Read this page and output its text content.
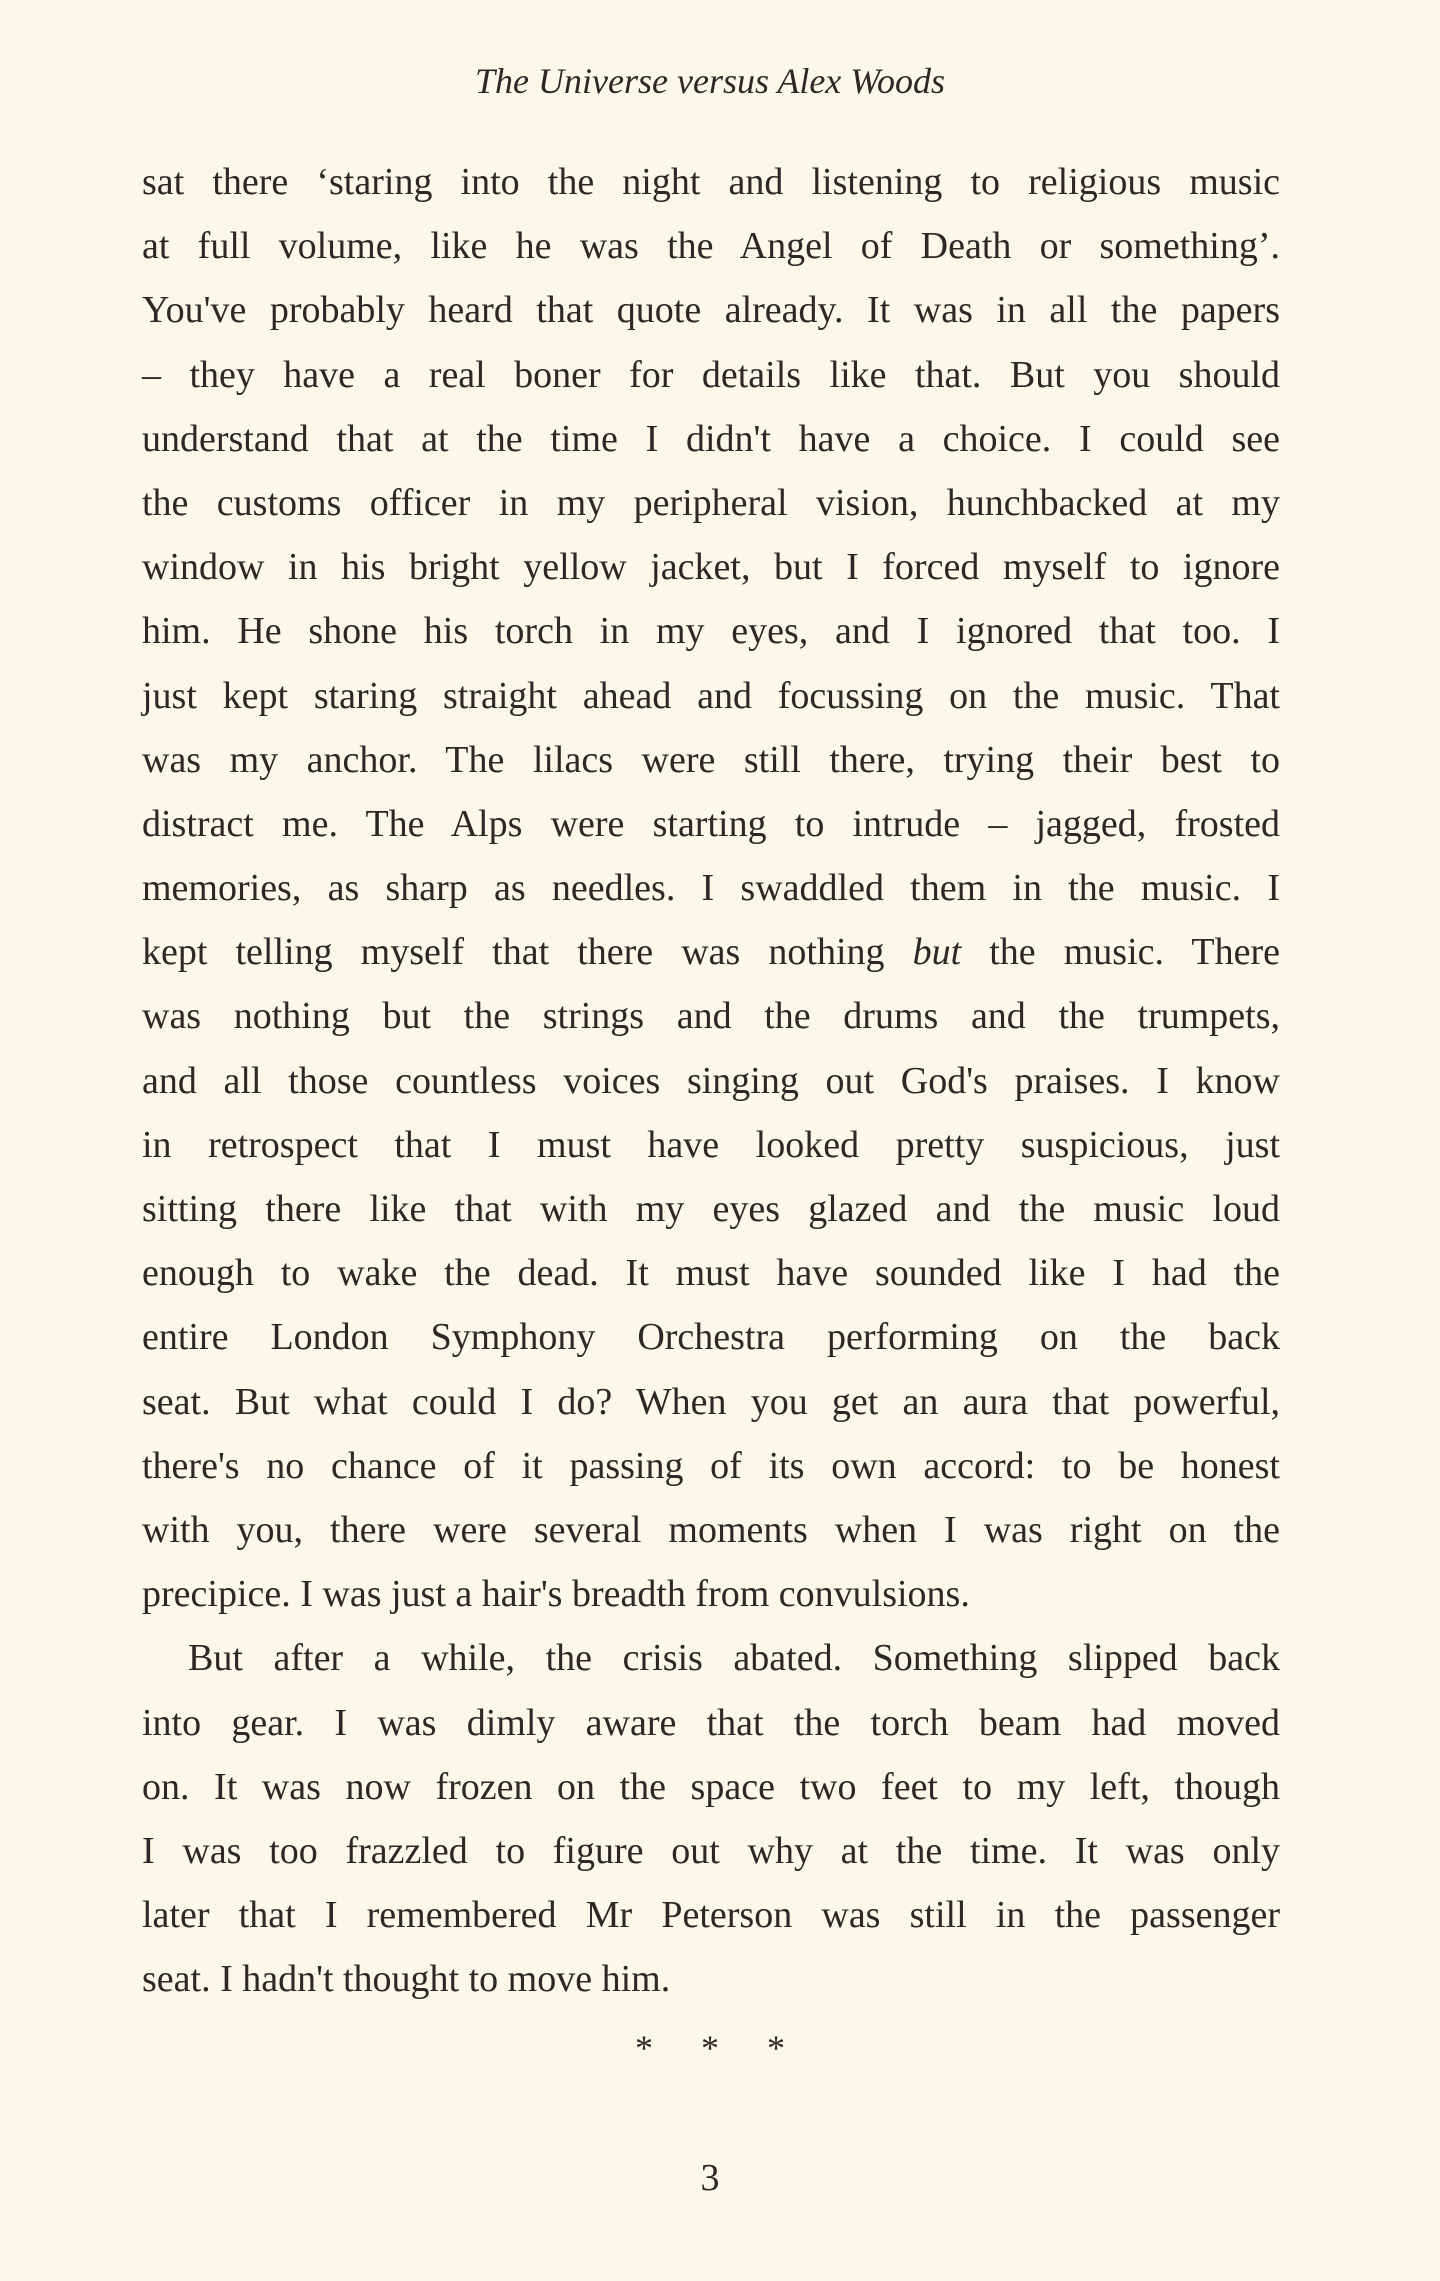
The Universe versus Alex Woods
sat there ‘staring into the night and listening to religious music
at full volume, like he was the Angel of Death or something’.
You've probably heard that quote already. It was in all the papers
– they have a real boner for details like that. But you should
understand that at the time I didn't have a choice. I could see
the customs officer in my peripheral vision, hunchbacked at my
window in his bright yellow jacket, but I forced myself to ignore
him. He shone his torch in my eyes, and I ignored that too. I
just kept staring straight ahead and focussing on the music. That
was my anchor. The lilacs were still there, trying their best to
distract me. The Alps were starting to intrude – jagged, frosted
memories, as sharp as needles. I swaddled them in the music. I
kept telling myself that there was nothing but the music. There
was nothing but the strings and the drums and the trumpets,
and all those countless voices singing out God's praises. I know
in retrospect that I must have looked pretty suspicious, just
sitting there like that with my eyes glazed and the music loud
enough to wake the dead. It must have sounded like I had the
entire London Symphony Orchestra performing on the back
seat. But what could I do? When you get an aura that powerful,
there's no chance of it passing of its own accord: to be honest
with you, there were several moments when I was right on the
precipice. I was just a hair's breadth from convulsions.
But after a while, the crisis abated. Something slipped back
into gear. I was dimly aware that the torch beam had moved
on. It was now frozen on the space two feet to my left, though
I was too frazzled to figure out why at the time. It was only
later that I remembered Mr Peterson was still in the passenger
seat. I hadn't thought to move him.
* * *
3
